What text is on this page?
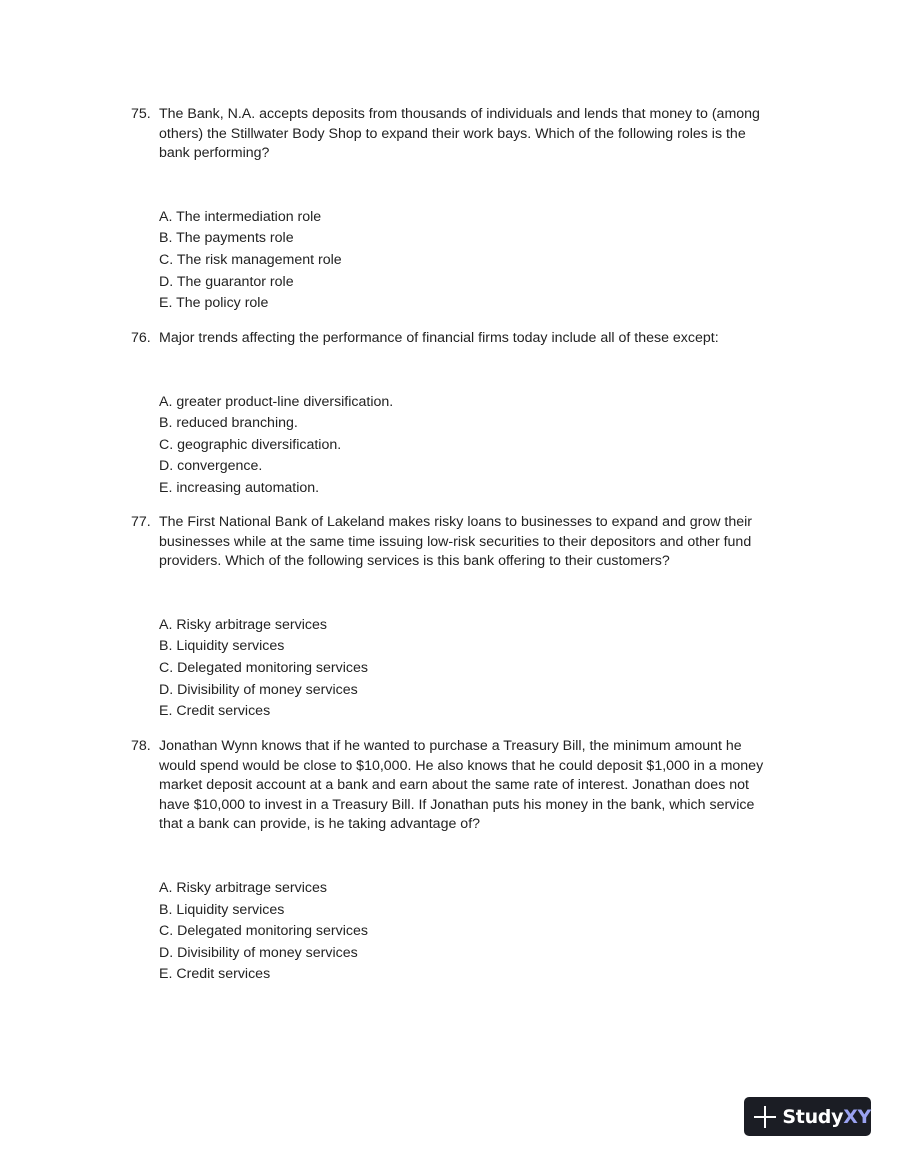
75. The Bank, N.A. accepts deposits from thousands of individuals and lends that money to (among
others) the Stillwater Body Shop to expand their work bays. Which of the following roles is the
bank performing?
A. The intermediation role
B. The payments role
C. The risk management role
D. The guarantor role
E. The policy role
76. Major trends affecting the performance of financial firms today include all of these except:
A. greater product-line diversification.
B. reduced branching.
C. geographic diversification.
D. convergence.
E. increasing automation.
77. The First National Bank of Lakeland makes risky loans to businesses to expand and grow their
businesses while at the same time issuing low-risk securities to their depositors and other fund
providers. Which of the following services is this bank offering to their customers?
A. Risky arbitrage services
B. Liquidity services
C. Delegated monitoring services
D. Divisibility of money services
E. Credit services
78. Jonathan Wynn knows that if he wanted to purchase a Treasury Bill, the minimum amount he
would spend would be close to $10,000. He also knows that he could deposit $1,000 in a money
market deposit account at a bank and earn about the same rate of interest. Jonathan does not
have $10,000 to invest in a Treasury Bill. If Jonathan puts his money in the bank, which service
that a bank can provide, is he taking advantage of?
A. Risky arbitrage services
B. Liquidity services
C. Delegated monitoring services
D. Divisibility of money services
E. Credit services
StudyXY
